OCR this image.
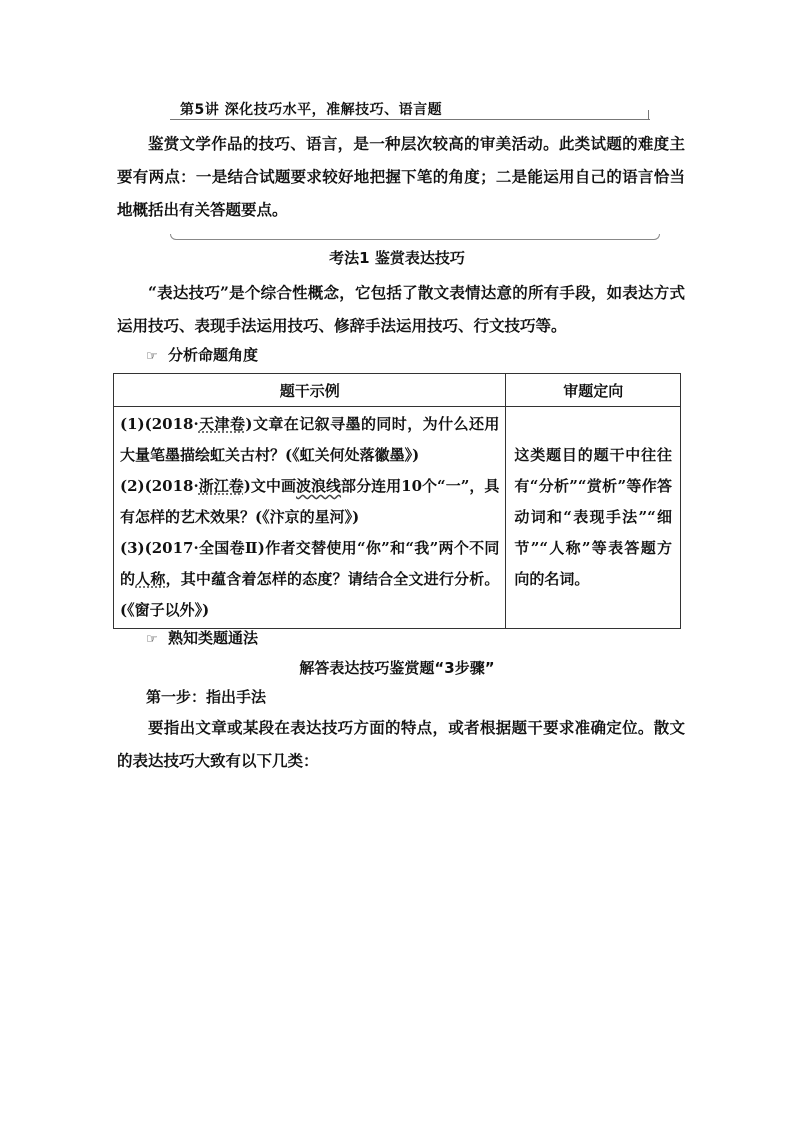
第5讲 深化技巧水平，准解技巧、语言题
鉴赏文学作品的技巧、语言，是一种层次较高的审美活动。此类试题的难度主要有两点：一是结合试题要求较好地把握下笔的角度；二是能运用自己的语言恰当地概括出有关答题要点。
考法1 鉴赏表达技巧
“表达技巧”是个综合性概念，它包括了散文表情达意的所有手段，如表达方式运用技巧、表现手法运用技巧、修辞手法运用技巧、行文技巧等。
☞ 分析命题角度
题干示例	审题定向

(1)(2018·天津卷)文章在记叙寻墨的同时，为什么还用大量笔墨描绘虹关古村？(《虹关何处落徽墨》)
(2)(2018·浙江卷)文中画波浪线部分连用10个“一”，具有怎样的艺术效果？(《汴京的星河》)
(3)(2017·全国卷Ⅱ)作者交替使用“你”和“我”两个不同的人称，其中蕴含着怎样的态度？请结合全文进行分析。(《窗子以外》)	这类题目的题干中往往有“分析”“赏析”等作答动词和“表现手法”“细节”“人称”等表答题方向的名词。
☞ 熟知类题通法
解答表达技巧鉴赏题“3步骤”
第一步：指出手法
要指出文章或某段在表达技巧方面的特点，或者根据题干要求准确定位。散文的表达技巧大致有以下几类：
